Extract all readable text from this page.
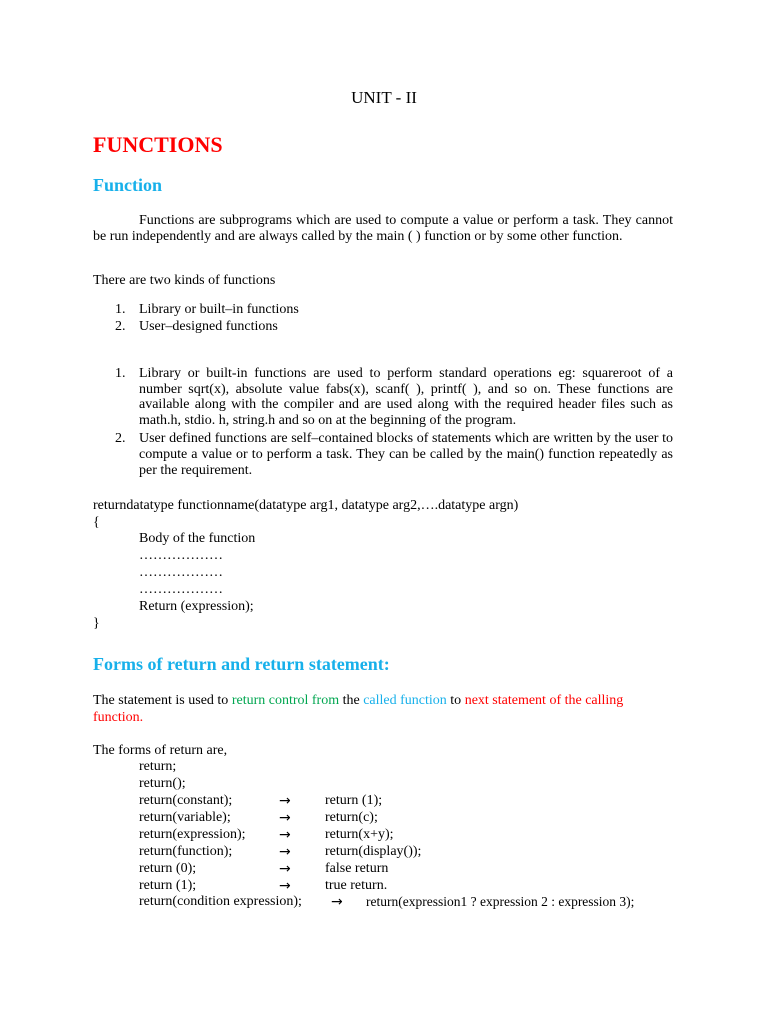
UNIT - II
FUNCTIONS
Function
Functions are subprograms which are used to compute a value or perform a task. They cannot be run independently and are always called by the main ( ) function or by some other function.
There are two kinds of functions
1. Library or built–in functions
2. User–designed functions
1. Library or built-in functions are used to perform standard operations eg: squareroot of a number sqrt(x), absolute value fabs(x), scanf( ), printf( ), and so on. These functions are available along with the compiler and are used along with the required header files such as math.h, stdio. h, string.h and so on at the beginning of the program.
2. User defined functions are self–contained blocks of statements which are written by the user to compute a value or to perform a task. They can be called by the main() function repeatedly as per the requirement.
returndatatype functionname(datatype arg1, datatype arg2,….datatype argn)
{
Body of the function
………………
………………
………………
Return (expression);
}
Forms of return and return statement:
The statement is used to return control from the called function to next statement of the calling function.
The forms of return are,
return;
return();
return(constant);	→ return (1);
return(variable);	→ return(c);
return(expression); → return(x+y);
return(function);	→ return(display());
return (0);	→ false return
return (1);	→ true return.
return(condition expression); → return(expression1 ? expression 2 : expression 3);
